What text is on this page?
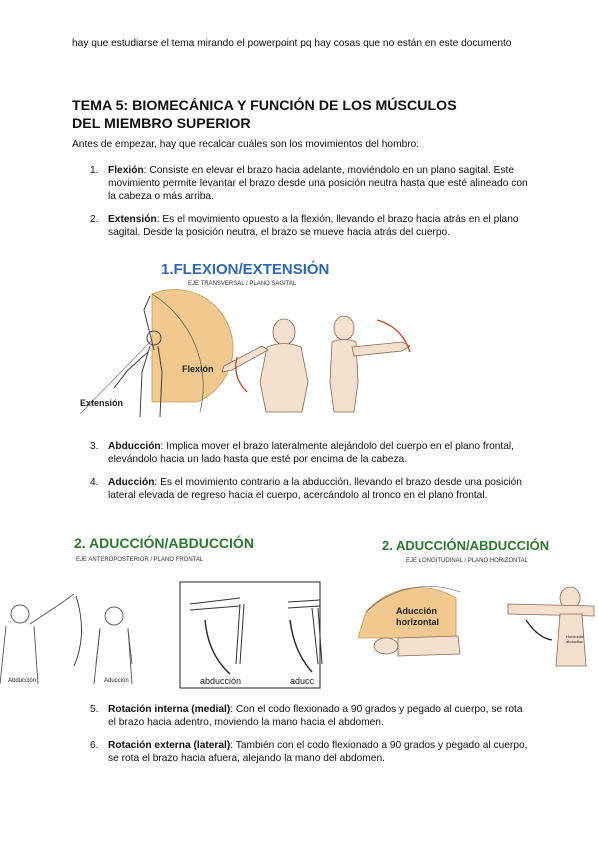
hay que estudiarse el tema mirando el powerpoint pq hay cosas que no están en este documento

TEMA 5: BIOMECÁNICA Y FUNCIÓN DE LOS MÚSCULOS
DEL MIEMBRO SUPERIOR

Antes de empezar, hay que recalcar cuáles son los movimientos del hombro:

1. Flexión: Consiste en elevar el brazo hacia adelante, moviéndolo en un plano sagital. Este movimiento permite levantar el brazo desde una posición neutra hasta que esté alineado con la cabeza o más arriba.
2. Extensión: Es el movimiento opuesto a la flexión, llevando el brazo hacia atrás en el plano sagital. Desde la posición neutra, el brazo se mueve hacia atrás del cuerpo.
1.FLEXION/EXTENSIÓN
EJE TRANSVERSAL / PLANO SAGITAL
Flexión
Extensión
3. Abducción: Implica mover el brazo lateralmente alejándolo del cuerpo en el plano frontal, elevándolo hacia un lado hasta que esté por encima de la cabeza.
4. Aducción: Es el movimiento contrario a la abducción, llevando el brazo desde una posición lateral elevada de regreso hacia el cuerpo, acercándolo al tronco en el plano frontal.
2. ADUCCIÓN/ABDUCCIÓN
EJE ANTEROPOSTERIOR / PLANO FRONTAL
Abducción	Aducción	abducción	aducc
2. ADUCCIÓN/ABDUCCIÓN
EJE LONGITUDINAL / PLANO HORIZONTAL
Aducción
horizontal
Horizontal
abduction
5. Rotación interna (medial): Con el codo flexionado a 90 grados y pegado al cuerpo, se rota el brazo hacia adentro, moviendo la mano hacia el abdomen.
6. Rotación externa (lateral): También con el codo flexionado a 90 grados y pegado al cuerpo, se rota el brazo hacia afuera, alejando la mano del abdomen.
